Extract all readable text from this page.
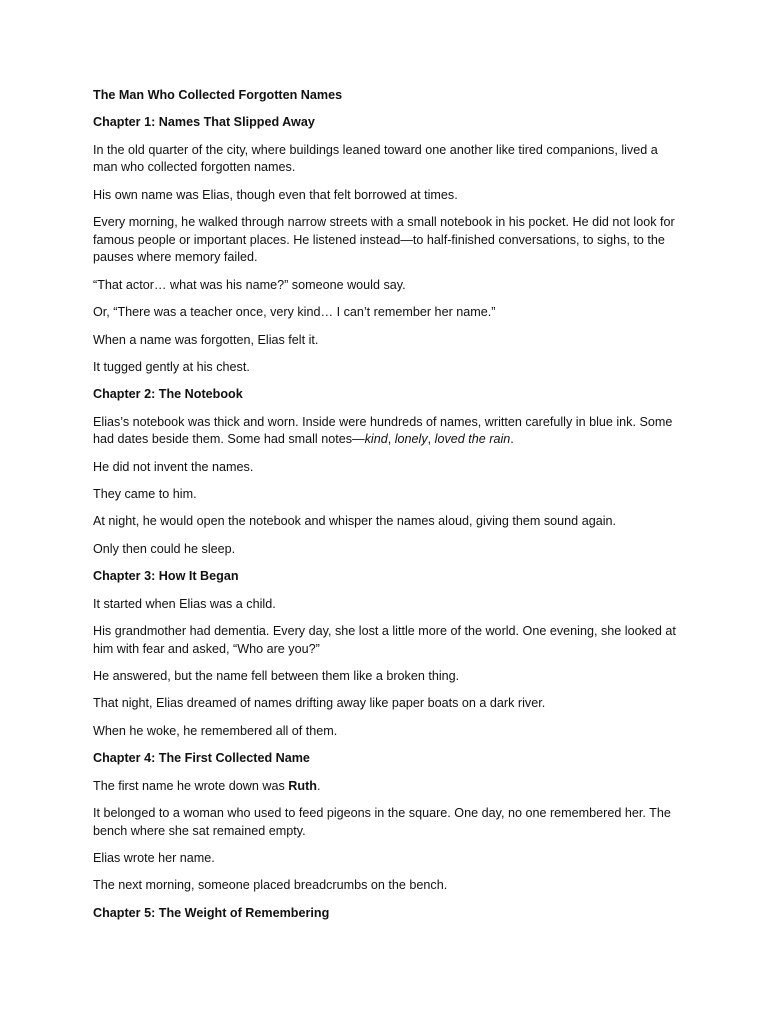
The Man Who Collected Forgotten Names

Chapter 1: Names That Slipped Away

In the old quarter of the city, where buildings leaned toward one another like tired companions, lived a man who collected forgotten names.

His own name was Elias, though even that felt borrowed at times.

Every morning, he walked through narrow streets with a small notebook in his pocket. He did not look for famous people or important places. He listened instead—to half-finished conversations, to sighs, to the pauses where memory failed.

“That actor… what was his name?” someone would say.

Or, “There was a teacher once, very kind… I can’t remember her name.”

When a name was forgotten, Elias felt it.

It tugged gently at his chest.

Chapter 2: The Notebook

Elias’s notebook was thick and worn. Inside were hundreds of names, written carefully in blue ink. Some had dates beside them. Some had small notes—kind, lonely, loved the rain.

He did not invent the names.

They came to him.

At night, he would open the notebook and whisper the names aloud, giving them sound again.

Only then could he sleep.

Chapter 3: How It Began

It started when Elias was a child.

His grandmother had dementia. Every day, she lost a little more of the world. One evening, she looked at him with fear and asked, “Who are you?”

He answered, but the name fell between them like a broken thing.

That night, Elias dreamed of names drifting away like paper boats on a dark river.

When he woke, he remembered all of them.

Chapter 4: The First Collected Name

The first name he wrote down was Ruth.

It belonged to a woman who used to feed pigeons in the square. One day, no one remembered her. The bench where she sat remained empty.

Elias wrote her name.

The next morning, someone placed breadcrumbs on the bench.

Chapter 5: The Weight of Remembering
